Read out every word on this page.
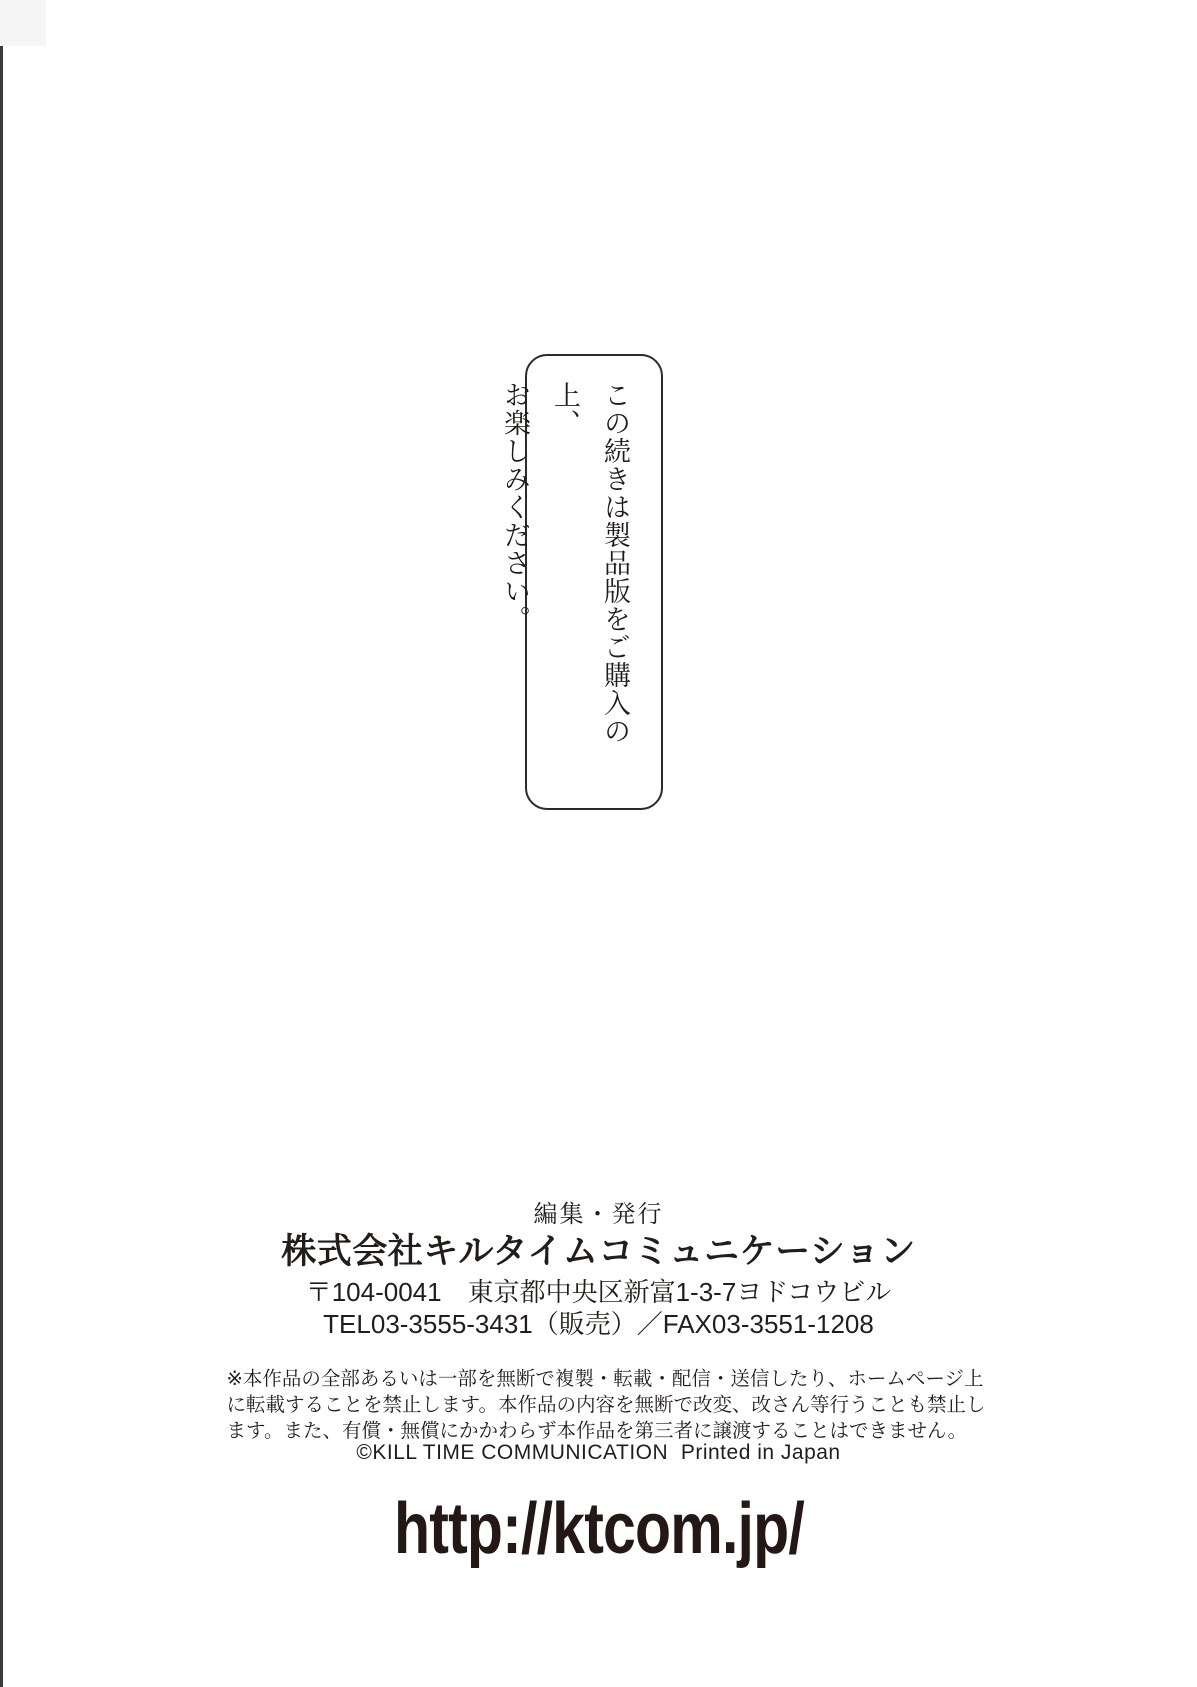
この続きは製品版をご購入の上、
お楽しみください。
編集・発行
株式会社キルタイムコミュニケーション
〒104-0041　東京都中央区新富1-3-7ヨドコウビル
TEL03-3555-3431（販売）／FAX03-3551-1208
※本作品の全部あるいは一部を無断で複製・転載・配信・送信したり、ホームページ上
に転載することを禁止します。本作品の内容を無断で改変、改さん等行うことも禁止し
ます。また、有償・無償にかかわらず本作品を第三者に譲渡することはできません。
©KILL TIME COMMUNICATION  Printed in Japan
http://ktcom.jp/
